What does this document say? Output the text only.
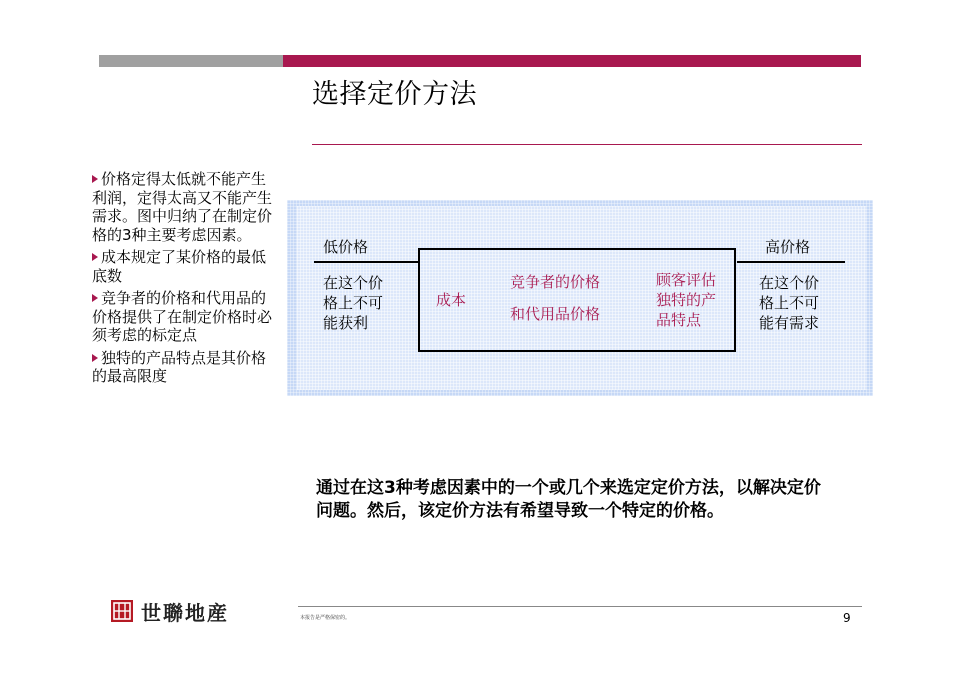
选择定价方法
价格定得太低就不能产生利润，定得太高又不能产生需求。图中归纳了在制定价格的3种主要考虑因素。
成本规定了某价格的最低底数
竞争者的价格和代用品的价格提供了在制定价格时必须考虑的标定点
独特的产品特点是其价格的最高限度
低价格	高价格
在这个价
格上不可
能获利
在这个价
格上不可
能有需求
成本
竞争者的价格
和代用品价格
顾客评估
独特的产
品特点
通过在这3种考虑因素中的一个或几个来选定定价方法，以解决定价问题。然后，该定价方法有希望导致一个特定的价格。
世聯地産	本报告是严格保密的。	9
